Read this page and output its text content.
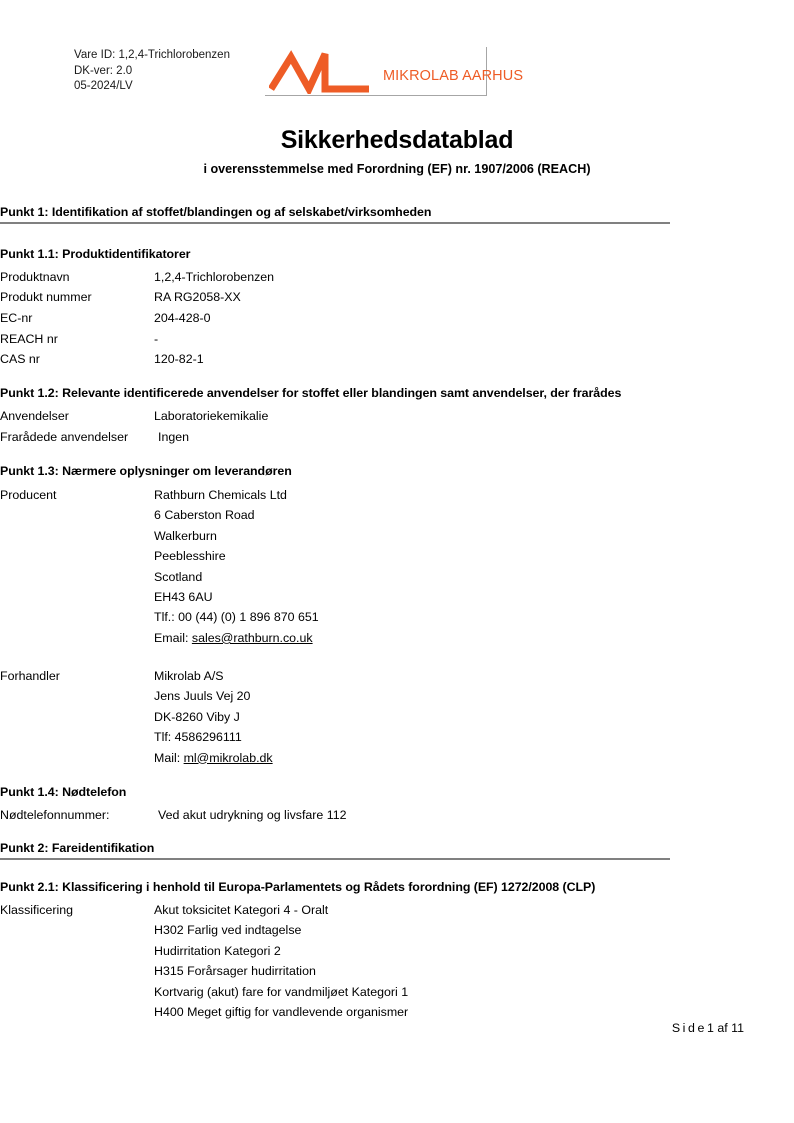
Vare ID: 1,2,4-Trichlorobenzen
DK-ver: 2.0
05-2024/LV
MIKROLAB AARHUS
Sikkerhedsdatablad
i overensstemmelse med Forordning (EF) nr. 1907/2006 (REACH)
Punkt 1: Identifikation af stoffet/blandingen og af selskabet/virksomheden
Punkt 1.1: Produktidentifikatorer
Produktnavn	1,2,4-Trichlorobenzen
Produkt nummer	RA RG2058-XX
EC-nr	204-428-0
REACH nr	-
CAS nr	120-82-1
Punkt 1.2: Relevante identificerede anvendelser for stoffet eller blandingen samt anvendelser, der frarådes
Anvendelser	Laboratoriekemikalie
Frarådede anvendelser Ingen
Punkt 1.3: Nærmere oplysninger om leverandøren
Producent	Rathburn Chemicals Ltd
6 Caberston Road
Walkerburn
Peeblesshire
Scotland
EH43 6AU
Tlf.: 00 (44) (0) 1 896 870 651
Email: sales@rathburn.co.uk
Forhandler	Mikrolab A/S
Jens Juuls Vej 20
DK-8260 Viby J
Tlf: 4586296111
Mail: ml@mikrolab.dk
Punkt 1.4: Nødtelefon
Nødtelefonnummer:	Ved akut udrykning og livsfare 112
Punkt 2: Fareidentifikation
Punkt 2.1: Klassificering i henhold til Europa-Parlamentets og Rådets forordning (EF) 1272/2008 (CLP)
Klassificering	Akut toksicitet Kategori 4 - Oralt
H302 Farlig ved indtagelse
Hudirritation Kategori 2
H315 Forårsager hudirritation
Kortvarig (akut) fare for vandmiljøet Kategori 1
H400 Meget giftig for vandlevende organismer
Side1 af 11
